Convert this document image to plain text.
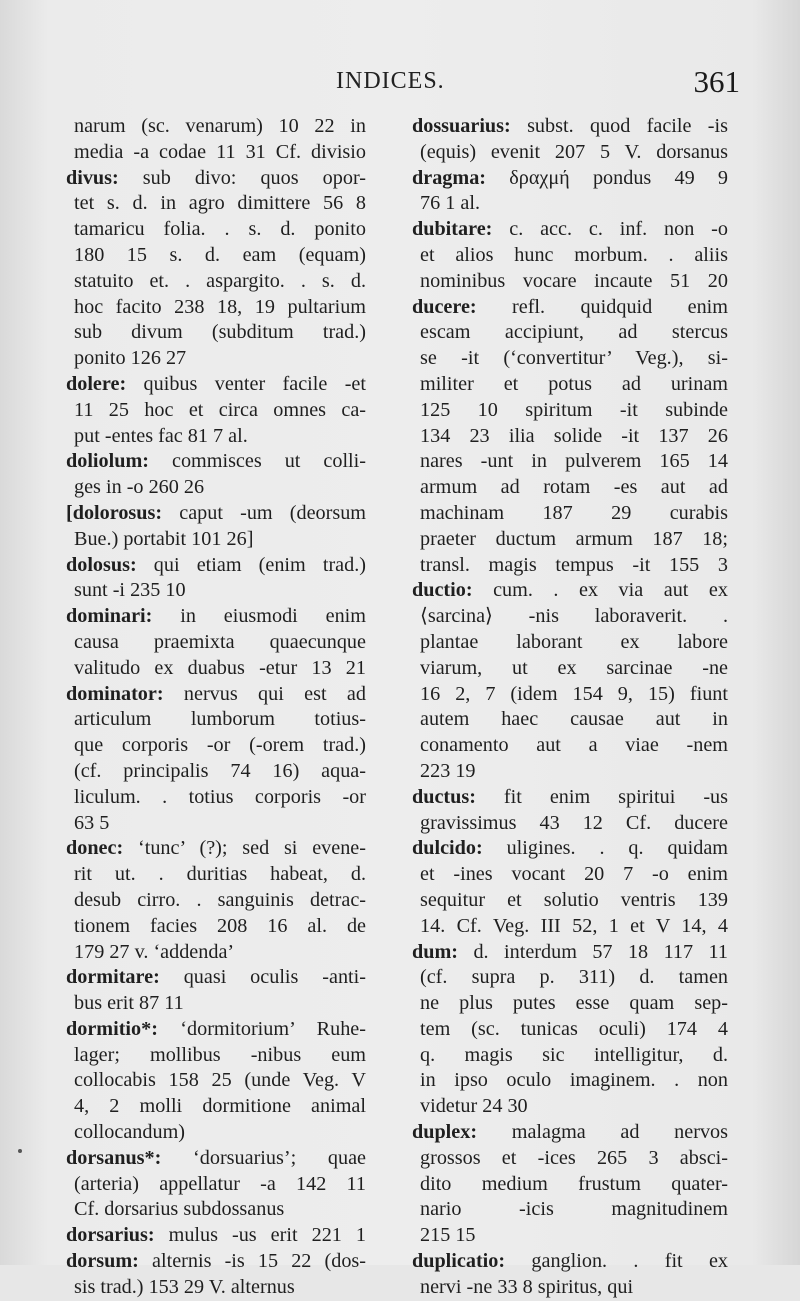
INDICES.	361
narum (sc. venarum) 10 22 in
media -a codae 11 31 Cf. divisio
divus: sub divo: quos opor-
tet s. d. in agro dimittere 56 8
tamaricu folia. . s. d. ponito
180 15 s. d. eam (equam)
statuito et. . aspargito. . s. d.
hoc facito 238 18, 19 pultarium
sub divum (subditum trad.)
ponito 126 27
dolere: quibus venter facile -et
11 25 hoc et circa omnes ca-
put -entes fac 81 7 al.
doliolum: commisces ut colli-
ges in -o 260 26
[dolorosus: caput -um (deorsum
Bue.) portabit 101 26]
dolosus: qui etiam (enim trad.)
sunt -i 235 10
dominari: in eiusmodi enim
causa praemixta quaecunque
valitudo ex duabus -etur 13 21
dominator: nervus qui est ad
articulum lumborum totius-
que corporis -or (-orem trad.)
(cf. principalis 74 16) aqua-
liculum. . totius corporis -or
63 5
donec: ‘tunc’ (?); sed si evene-
rit ut. . duritias habeat, d.
desub cirro. . sanguinis detrac-
tionem facies 208 16 al. de
179 27 v. ‘addenda’
dormitare: quasi oculis -anti-
bus erit 87 11
dormitio*: ‘dormitorium’ Ruhe-
lager; mollibus -nibus eum
collocabis 158 25 (unde Veg. V
4, 2 molli dormitione animal
collocandum)
dorsanus*: ‘dorsuarius’; quae
(arteria) appellatur -a 142 11
Cf. dorsarius subdossanus
dorsarius: mulus -us erit 221 1
dorsum: alternis -is 15 22 (dos-
sis trad.) 153 29 V. alternus
dossuarius: subst. quod facile -is
(equis) evenit 207 5 V. dorsanus
dragma: δραχμή pondus 49 9
76 1 al.
dubitare: c. acc. c. inf. non -o
et alios hunc morbum. . aliis
nominibus vocare incaute 51 20
ducere: refl. quidquid enim
escam accipiunt, ad stercus
se -it (‘convertitur’ Veg.), si-
militer et potus ad urinam
125 10 spiritum -it subinde
134 23 ilia solide -it 137 26
nares -unt in pulverem 165 14
armum ad rotam -es aut ad
machinam 187 29 curabis
praeter ductum armum 187 18;
transl. magis tempus -it 155 3
ductio: cum. . ex via aut ex
⟨sarcina⟩ -nis laboraverit. .
plantae laborant ex labore
viarum, ut ex sarcinae -ne
16 2, 7 (idem 154 9, 15) fiunt
autem haec causae aut in
conamento aut a viae -nem
223 19
ductus: fit enim spiritui -us
gravissimus 43 12 Cf. ducere
dulcido: uligines. . q. quidam
et -ines vocant 20 7 -o enim
sequitur et solutio ventris 139
14. Cf. Veg. III 52, 1 et V 14, 4
dum: d. interdum 57 18 117 11
(cf. supra p. 311) d. tamen
ne plus putes esse quam sep-
tem (sc. tunicas oculi) 174 4
q. magis sic intelligitur, d.
in ipso oculo imaginem. . non
videtur 24 30
duplex: malagma ad nervos
grossos et -ices 265 3 absci-
dito medium frustum quater-
nario -icis magnitudinem
215 15
duplicatio: ganglion. . fit ex
nervi -ne 33 8 spiritus, qui
